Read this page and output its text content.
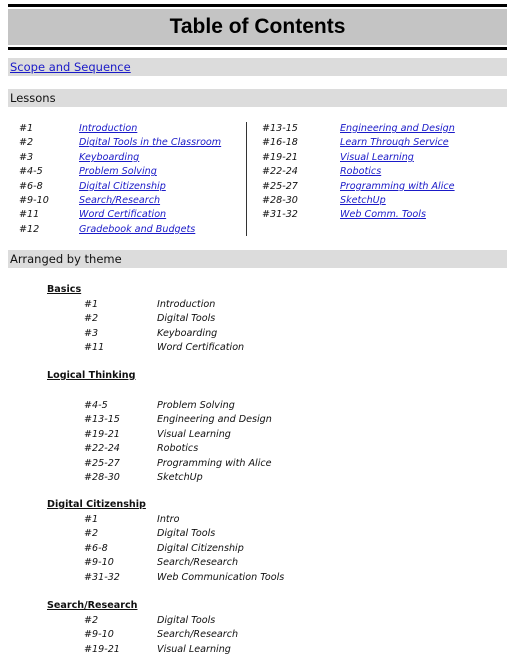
Table of Contents
Scope and Sequence
Lessons
#1	Introduction
#2	Digital Tools in the Classroom
#3	Keyboarding
#4-5	Problem Solving
#6-8	Digital Citizenship
#9-10	Search/Research
#11	Word Certification
#12	Gradebook and Budgets
#13-15	Engineering and Design
#16-18	Learn Through Service
#19-21	Visual Learning
#22-24	Robotics
#25-27	Programming with Alice
#28-30	SketchUp
#31-32	Web Comm. Tools
Arranged by theme
Basics
#1	Introduction
#2	Digital Tools
#3	Keyboarding
#11	Word Certification
Logical Thinking
#4-5	Problem Solving
#13-15	Engineering and Design
#19-21	Visual Learning
#22-24	Robotics
#25-27	Programming with Alice
#28-30	SketchUp
Digital Citizenship
#1	Intro
#2	Digital Tools
#6-8	Digital Citizenship
#9-10	Search/Research
#31-32	Web Communication Tools
Search/Research
#2	Digital Tools
#9-10	Search/Research
#19-21	Visual Learning
